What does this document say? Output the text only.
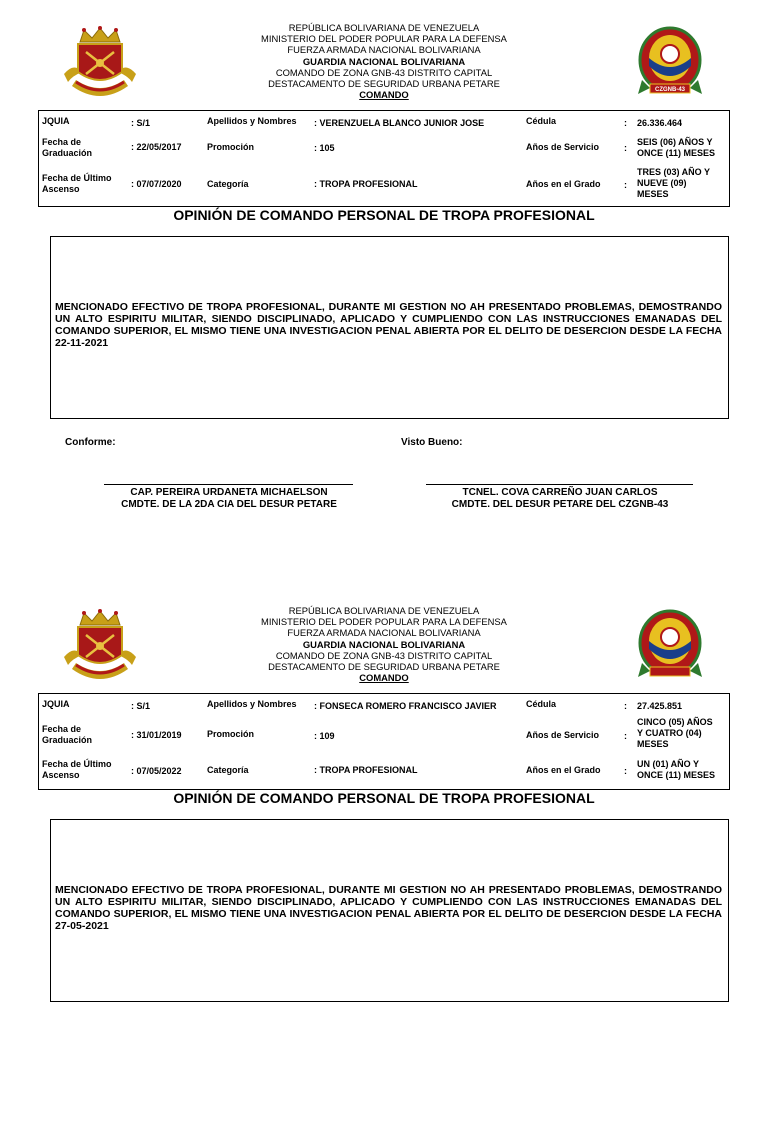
REPÚBLICA BOLIVARIANA DE VENEZUELA
MINISTERIO DEL PODER POPULAR PARA LA DEFENSA
FUERZA ARMADA NACIONAL BOLIVARIANA
GUARDIA NACIONAL BOLIVARIANA
COMANDO DE ZONA GNB-43 DISTRITO CAPITAL
DESTACAMENTO DE SEGURIDAD URBANA PETARE
COMANDO	CZGNB-43
JQUIA	: S/1	Apellidos y Nombres : VERENZUELA BLANCO JUNIOR JOSE	Cédula	: 26.336.464
Fecha de
Graduación
: 22/05/2017	Promoción	: 105	Años de Servicio	:
SEIS (06) AÑOS Y
ONCE (11) MESES
Fecha de Último
Ascenso	: 07/07/2020	Categoría	: TROPA PROFESIONAL	Años en el Grado	:
TRES (03) AÑO Y
NUEVE (09)
MESES
OPINIÓN DE COMANDO PERSONAL DE TROPA PROFESIONAL
MENCIONADO EFECTIVO DE TROPA PROFESIONAL, DURANTE MI GESTION NO AH PRESENTADO PROBLEMAS, DEMOSTRANDO UN ALTO ESPIRITU MILITAR, SIENDO DISCIPLINADO, APLICADO Y CUMPLIENDO CON LAS INSTRUCCIONES EMANADAS DEL COMANDO SUPERIOR, EL MISMO TIENE UNA INVESTIGACION PENAL ABIERTA POR EL DELITO DE DESERCION DESDE LA FECHA 22-11-2021
Conforme:	Visto Bueno:
CAP. PEREIRA URDANETA MICHAELSON
CMDTE. DE LA 2DA CIA DEL DESUR PETARE
TCNEL. COVA CARREÑO JUAN CARLOS
CMDTE. DEL DESUR PETARE DEL CZGNB-43
REPÚBLICA BOLIVARIANA DE VENEZUELA
MINISTERIO DEL PODER POPULAR PARA LA DEFENSA
FUERZA ARMADA NACIONAL BOLIVARIANA
GUARDIA NACIONAL BOLIVARIANA
COMANDO DE ZONA GNB-43 DISTRITO CAPITAL
DESTACAMENTO DE SEGURIDAD URBANA PETARE
COMANDO
JQUIA	: S/1	Apellidos y Nombres : FONSECA ROMERO FRANCISCO JAVIER	Cédula	: 27.425.851
Fecha de
Graduación	: 31/01/2019	Promoción	: 109	Años de Servicio	:
CINCO (05) AÑOS
Y CUATRO (04)
MESES
Fecha de Último
Ascenso	: 07/05/2022	Categoría	: TROPA PROFESIONAL	Años en el Grado	:
UN (01) AÑO Y
ONCE (11) MESES
OPINIÓN DE COMANDO PERSONAL DE TROPA PROFESIONAL
MENCIONADO EFECTIVO DE TROPA PROFESIONAL, DURANTE MI GESTION NO AH PRESENTADO PROBLEMAS, DEMOSTRANDO UN ALTO ESPIRITU MILITAR, SIENDO DISCIPLINADO, APLICADO Y CUMPLIENDO CON LAS INSTRUCCIONES EMANADAS DEL COMANDO SUPERIOR, EL MISMO TIENE UNA INVESTIGACION PENAL ABIERTA POR EL DELITO DE DESERCION DESDE LA FECHA 27-05-2021
